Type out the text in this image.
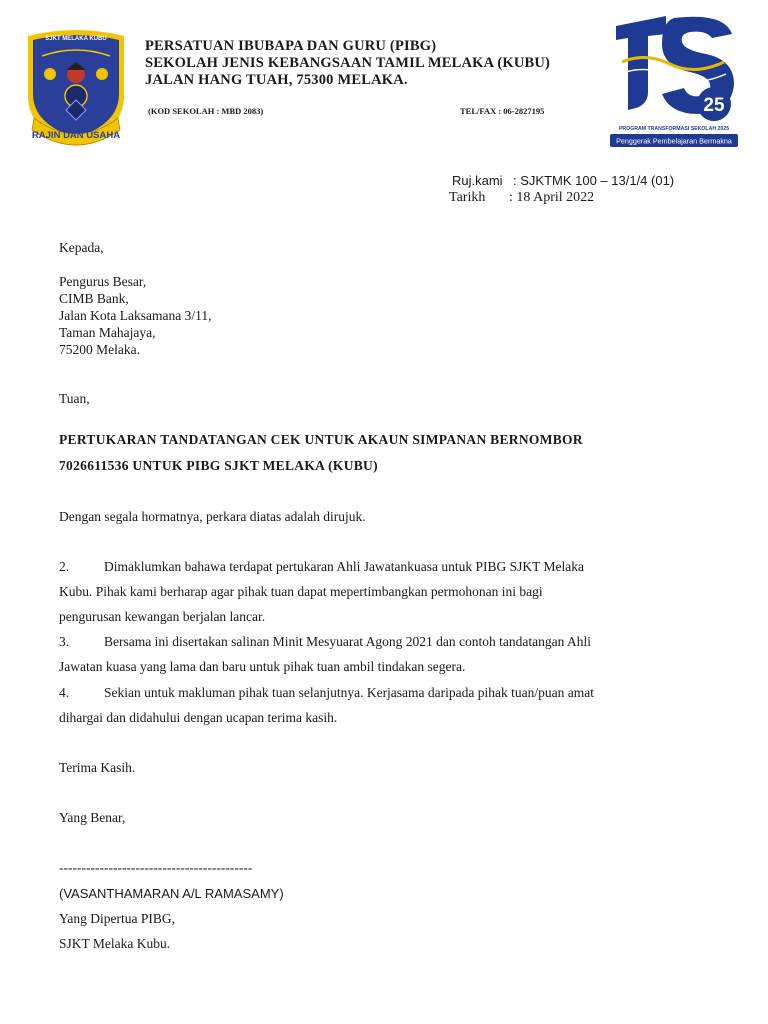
SJKT MELAKA KUBU
RAJIN DAN USAHA
PERSATUAN IBUBAPA DAN GURU (PIBG)
SEKOLAH JENIS KEBANGSAAN TAMIL MELAKA (KUBU)
JALAN HANG TUAH, 75300 MELAKA.
(KOD SEKOLAH : MBD 2083)	TEL/FAX : 06-2827195	25
PROGRAM TRANSFORMASI SEKOLAH 2025
Penggerak Pembelajaran Bermakna
Ruj.kami : SJKTMK 100 – 13/1/4 (01)
Tarikh : 18 April 2022
Kepada,
Pengurus Besar,
CIMB Bank,
Jalan Kota Laksamana 3/11,
Taman Mahajaya,
75200 Melaka.
Tuan,
PERTUKARAN TANDATANGAN CEK UNTUK AKAUN SIMPANAN BERNOMBOR
7026611536 UNTUK PIBG SJKT MELAKA (KUBU)
Dengan segala hormatnya, perkara diatas adalah dirujuk.
2.	Dimaklumkan bahawa terdapat pertukaran Ahli Jawatankuasa untuk PIBG SJKT Melaka
Kubu. Pihak kami berharap agar pihak tuan dapat mepertimbangkan permohonan ini bagi
pengurusan kewangan berjalan lancar.
3.	Bersama ini disertakan salinan Minit Mesyuarat Agong 2021 dan contoh tandatangan Ahli
Jawatan kuasa yang lama dan baru untuk pihak tuan ambil tindakan segera.
4.	Sekian untuk makluman pihak tuan selanjutnya. Kerjasama daripada pihak tuan/puan amat
dihargai dan didahului dengan ucapan terima kasih.
Terima Kasih.
Yang Benar,
-------------------------------------------
(VASANTHAMARAN A/L RAMASAMY)
Yang Dipertua PIBG,
SJKT Melaka Kubu.
